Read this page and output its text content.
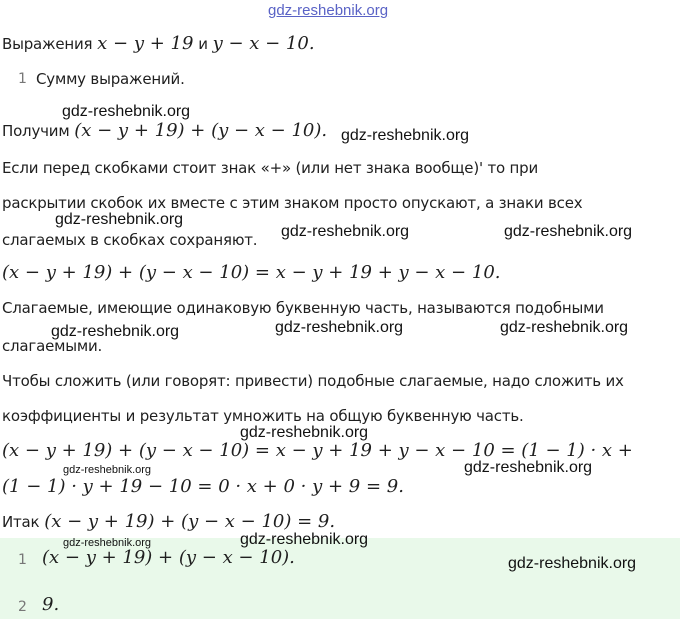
gdz-reshebnik.org
Выражения x − y + 19 и y − x − 10.
1 Сумму выражений.
gdz-reshebnik.org
Получим (x − y + 19) + (y − x − 10). gdz-reshebnik.org
Если перед скобками стоит знак «+» (или нет знака вообще)' то при
раскрытии скобок их вместе с этим знаком просто опускают, а знаки всех
gdz-reshebnik.org
слагаемых в скобках сохраняют. gdz-reshebnik.org	gdz-reshebnik.org
(x − y + 19) + (y − x − 10) = x − y + 19 + y − x − 10.
Слагаемые, имеющие одинаковую буквенную часть, называются подобными
gdz-reshebnik.org	gdz-reshebnik.org	gdz-reshebnik.org
слагаемыми.
Чтобы сложить (или говорят: привести) подобные слагаемые, надо сложить их
коэффициенты и результат умножить на общую буквенную часть.
gdz-reshebnik.org
(x − y + 19) + (y − x − 10) = x − y + 19 + y − x − 10 = (1 − 1) · x +
gdz-reshebnik.org	gdz-reshebnik.org
(1 − 1) · y + 19 − 10 = 0 · x + 0 · y + 9 = 9.
Итак (x − y + 19) + (y − x − 10) = 9.
gdz-reshebnik.org	gdz-reshebnik.org
1 (x − y + 19) + (y − x − 10).	gdz-reshebnik.org
2 9.
